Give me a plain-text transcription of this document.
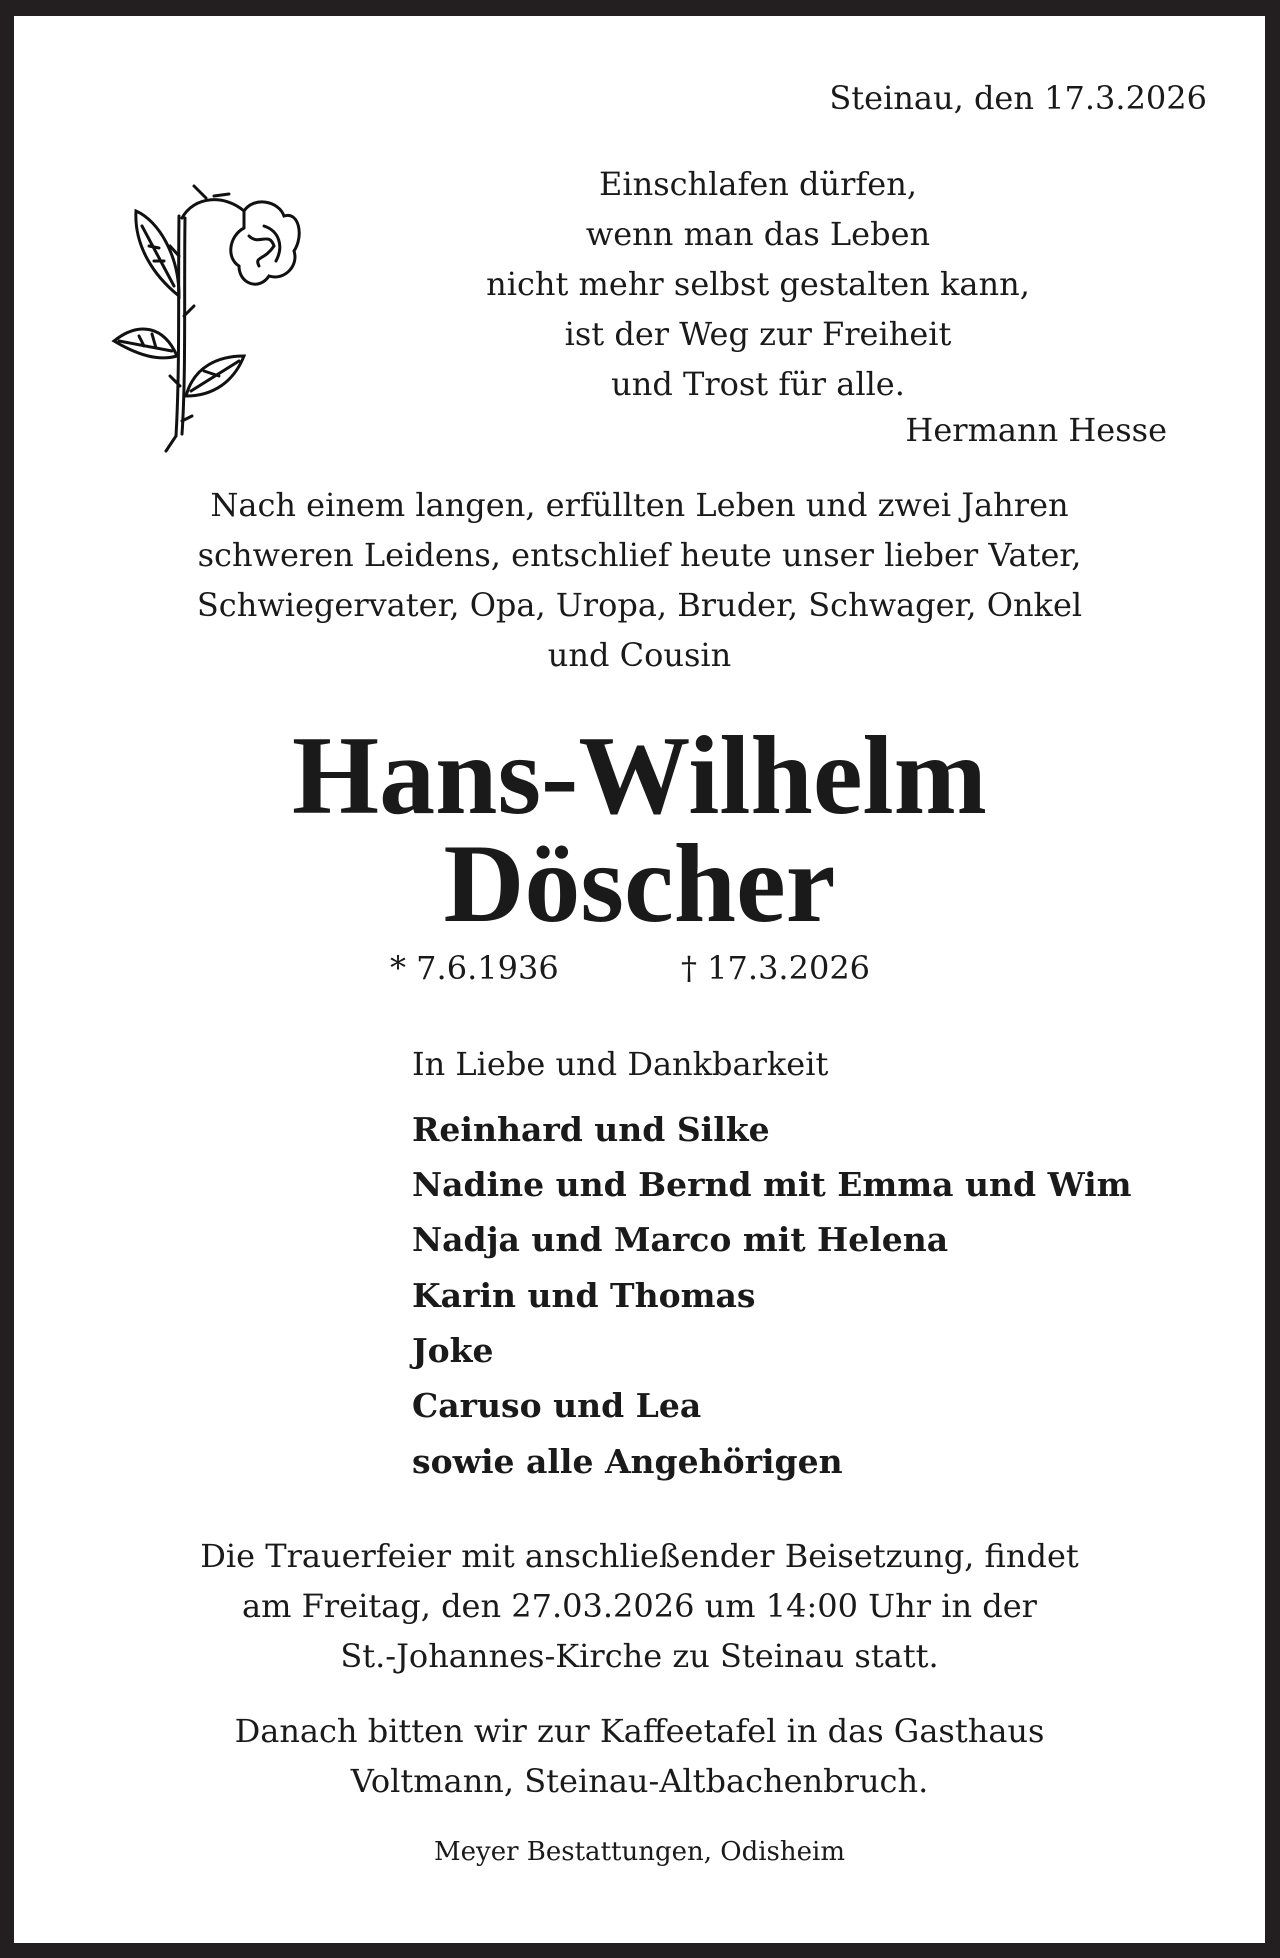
Steinau, den 17.3.2026
Einschlafen dürfen,
wenn man das Leben
nicht mehr selbst gestalten kann,
ist der Weg zur Freiheit
und Trost für alle.
Hermann Hesse
Nach einem langen, erfüllten Leben und zwei Jahren
schweren Leidens, entschlief heute unser lieber Vater,
Schwiegervater, Opa, Uropa, Bruder, Schwager, Onkel
und Cousin
Hans-Wilhelm
Döscher
* 7.6.1936	† 17.3.2026
In Liebe und Dankbarkeit
Reinhard und Silke
Nadine und Bernd mit Emma und Wim
Nadja und Marco mit Helena
Karin und Thomas
Joke
Caruso und Lea
sowie alle Angehörigen
Die Trauerfeier mit anschließender Beisetzung, findet
am Freitag, den 27.03.2026 um 14:00 Uhr in der
St.-Johannes-Kirche zu Steinau statt.
Danach bitten wir zur Kaffeetafel in das Gasthaus
Voltmann, Steinau-Altbachenbruch.
Meyer Bestattungen, Odisheim
